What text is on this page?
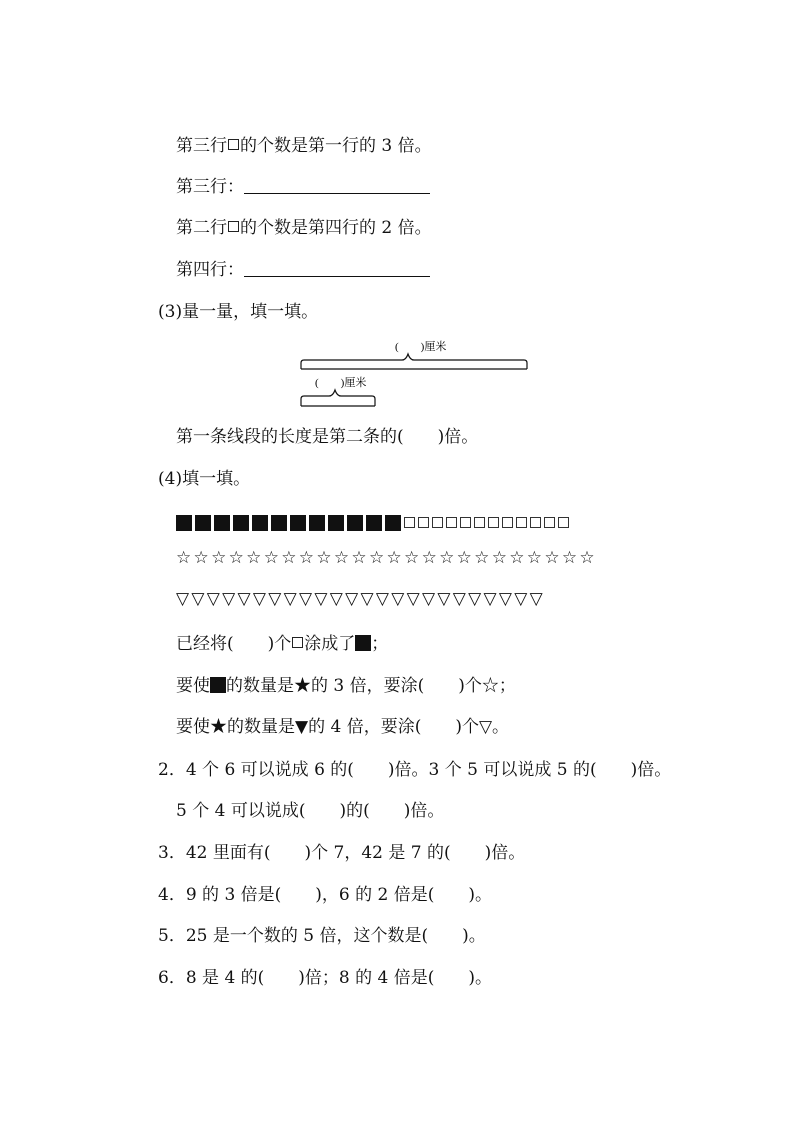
第三行 的个数是第一行的 3 倍。
第三行：
第二行 的个数是第四行的 2 倍。
第四行：
(3)量一量，填一填。
(　　)厘米
(　　)厘米
第一条线段的长度是第二条的(　　)倍。
(4)填一填。
☆☆☆☆☆☆☆☆☆☆☆☆☆☆☆☆☆☆☆☆☆☆☆☆
▽▽▽▽▽▽▽▽▽▽▽▽▽▽▽▽▽▽▽▽▽▽▽▽
已经将(　　)个 涂成了 ；
要使 的数量是★的 3 倍，要涂(　　)个☆；
要使★的数量是▼的 4 倍，要涂(　　)个▽。
2．4 个 6 可以说成 6 的(　　)倍。3 个 5 可以说成 5 的(　　)倍。
5 个 4 可以说成(　　)的(　　)倍。
3．42 里面有(　　)个 7，42 是 7 的(　　)倍。
4．9 的 3 倍是(　　)，6 的 2 倍是(　　)。
5．25 是一个数的 5 倍，这个数是(　　)。
6．8 是 4 的(　　)倍；8 的 4 倍是(　　)。
